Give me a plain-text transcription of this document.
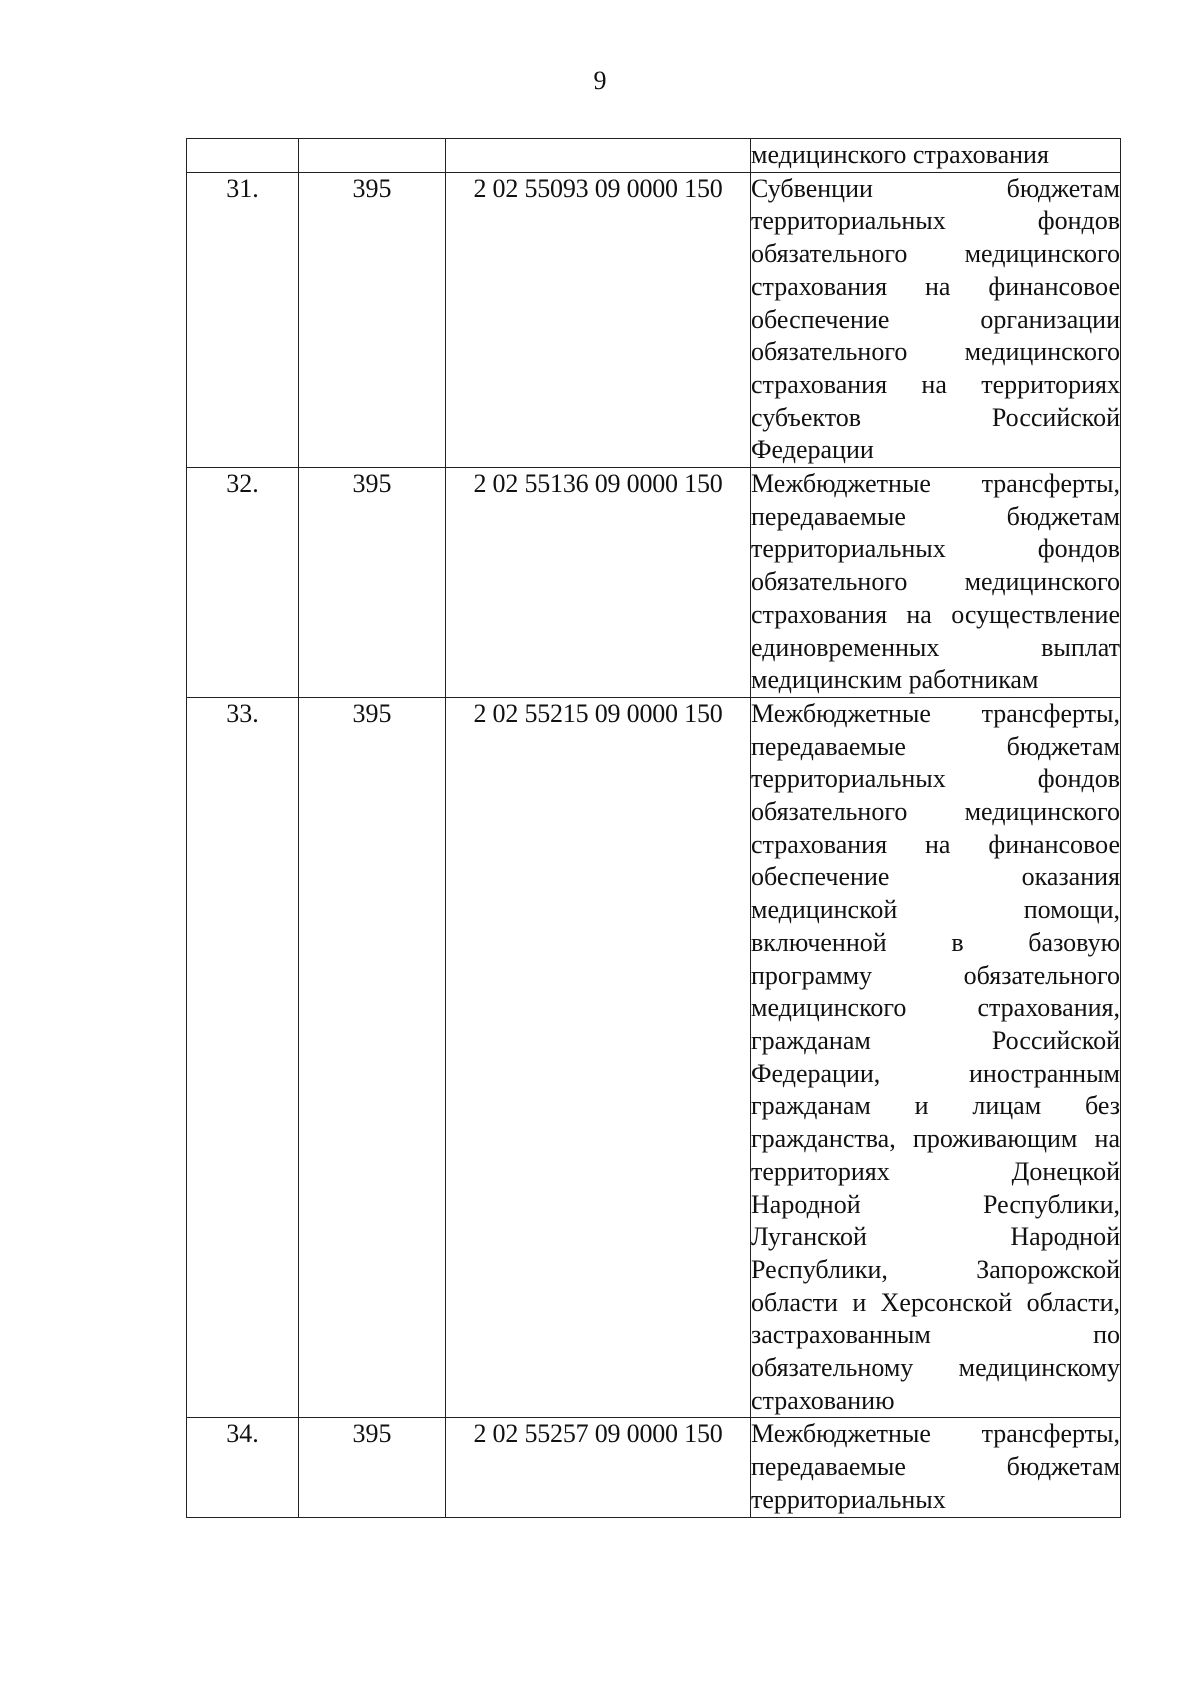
9

			медицинского страхования

31.	395	2 02 55093 09 0000 150	Субвенции бюджетам территориальных фондов обязательного медицинского страхования на финансовое обеспечение организации обязательного медицинского страхования на территориях субъектов Российской Федерации

32.	395	2 02 55136 09 0000 150	Межбюджетные трансферты, передаваемые бюджетам территориальных фондов обязательного медицинского страхования на осуществление единовременных выплат медицинским работникам

33.	395	2 02 55215 09 0000 150	Межбюджетные трансферты, передаваемые бюджетам территориальных фондов обязательного медицинского страхования на финансовое обеспечение оказания медицинской помощи, включенной в базовую программу обязательного медицинского страхования, гражданам Российской Федерации, иностранным гражданам и лицам без гражданства, проживающим на территориях Донецкой Народной Республики, Луганской Народной Республики, Запорожской области и Херсонской области, застрахованным по обязательному медицинскому страхованию

34.	395	2 02 55257 09 0000 150	Межбюджетные трансферты, передаваемые бюджетам территориальных
